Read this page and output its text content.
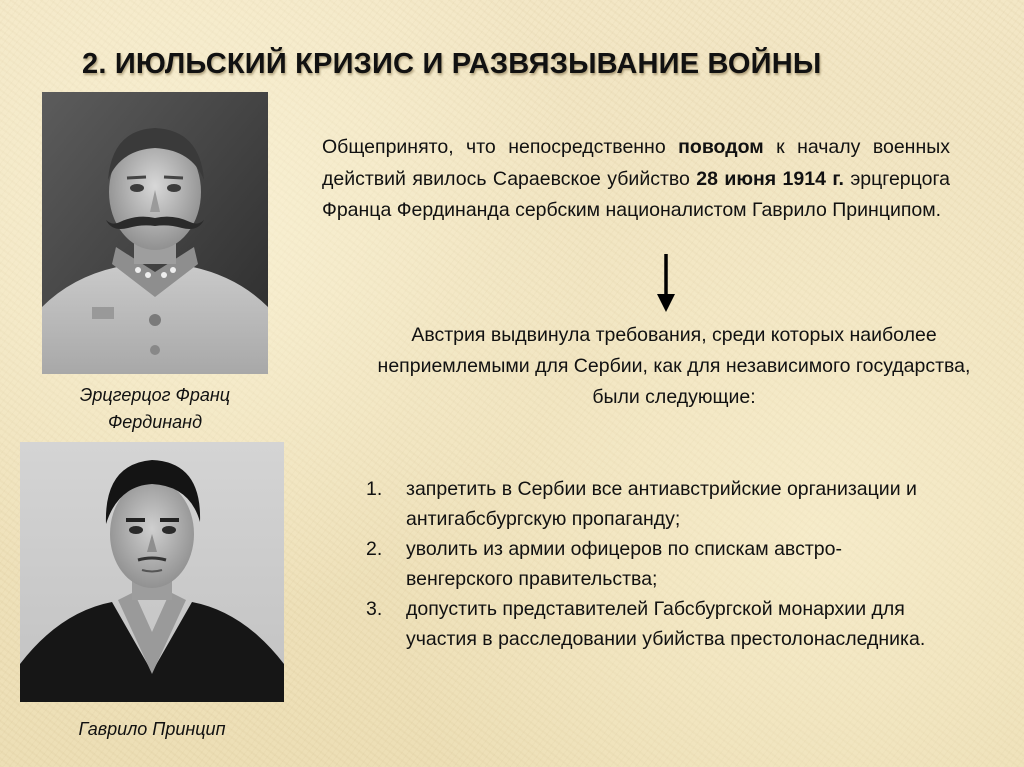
2. ИЮЛЬСКИЙ КРИЗИС И РАЗВЯЗЫВАНИЕ ВОЙНЫ
Эрцгерцог Франц Фердинанд
Гаврило Принцип
Общепринято, что непосредственно поводом к началу военных действий явилось Сараевское убийство 28 июня 1914 г. эрцгерцога Франца Фердинанда сербским националистом Гаврило Принципом.
Австрия выдвинула требования, среди которых наиболее неприемлемыми для Сербии, как для независимого государства, были следующие:
1.	запретить в Сербии все антиавстрийские организации и антигабсбургскую пропаганду;
2.	уволить из армии офицеров по спискам австро-венгерского правительства;
3.	допустить представителей Габсбургской монархии для участия в расследовании убийства престолонаследника.
